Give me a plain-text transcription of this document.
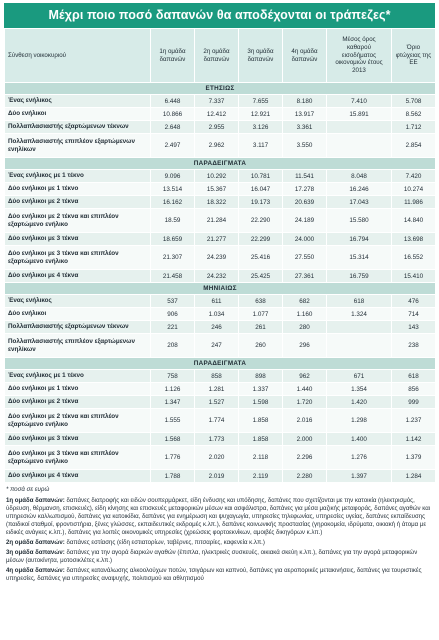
Μέχρι ποιο ποσό δαπανών θα αποδέχονται οι τράπεζες*
Σύνθεση νοικοκυριού	1η ομάδα δαπανών	2η ομάδα δαπανών	3η ομάδα δαπανών	4η ομάδα δαπανών	Μέσος όρος καθαρού εισοδήματος οικονομιών έτους 2013	Όριο φτώχειας της ΕΕ
ΕΤΗΣΙΩΣ						
Ένας ενήλικος	6.448	7.337	7.655	8.180	7.410	5.708
Δύο ενήλικοι	10.866	12.412	12.921	13.917	15.891	8.562
Πολλαπλασιαστής εξαρτώμενων τέκνων	2.648	2.955	3.126	3.361		1.712
Πολλαπλασιαστής επιπλέον εξαρτώμενων ενηλίκων	2.497	2.962	3.117	3.550		2.854
ΠΑΡΑΔΕΙΓΜΑΤΑ						
Ένας ενήλικος με 1 τέκνο	9.096	10.292	10.781	11.541	8.048	7.420
Δύο ενήλικοι με 1 τέκνο	13.514	15.367	16.047	17.278	16.246	10.274
Δύο ενήλικοι με 2 τέκνα	16.162	18.322	19.173	20.639	17.043	11.986
Δύο ενήλικοι με 2 τέκνα και επιπλέον εξαρτώμενο ενήλικο	18.59	21.284	22.290	24.189	15.580	14.840
Δύο ενήλικοι με 3 τέκνα	18.659	21.277	22.299	24.000	16.794	13.698
Δύο ενήλικοι με 3 τέκνα και επιπλέον εξαρτώμενο ενήλικο	21.307	24.239	25.416	27.550	15.314	16.552
Δύο ενήλικοι με 4 τέκνα	21.458	24.232	25.425	27.361	16.759	15.410
ΜΗΝΙΑΙΩΣ						
Ένας ενήλικος	537	611	638	682	618	476
Δύο ενήλικοι	906	1.034	1.077	1.160	1.324	714
Πολλαπλασιαστής εξαρτώμενων τέκνων	221	246	261	280		143
Πολλαπλασιαστής επιπλέον εξαρτώμενων ενηλίκων	208	247	260	296		238
ΠΑΡΑΔΕΙΓΜΑΤΑ						
Ένας ενήλικος με 1 τέκνο	758	858	898	962	671	618
Δύο ενήλικοι με 1 τέκνο	1.126	1.281	1.337	1.440	1.354	856
Δύο ενήλικοι με 2 τέκνα	1.347	1.527	1.598	1.720	1.420	999
Δύο ενήλικοι με 2 τέκνα και επιπλέον εξαρτώμενο ενήλικο	1.555	1.774	1.858	2.016	1.298	1.237
Δύο ενήλικοι με 3 τέκνα	1.568	1.773	1.858	2.000	1.400	1.142
Δύο ενήλικοι με 3 τέκνα και επιπλέον εξαρτώμενο ενήλικο	1.776	2.020	2.118	2.296	1.276	1.379
Δύο ενήλικοι με 4 τέκνα	1.788	2.019	2.119	2.280	1.397	1.284
* ποσά σε ευρώ

1η ομάδα δαπανών: δαπάνες διατροφής και ειδών σουπερμάρκετ, είδη ένδυσης και υπόδησης, δαπάνες που σχετίζονται με την κατοικία (ηλεκτρισμός, ύδρευση, θέρμανση, επισκευές), είδη κίνησης και επισκευές μεταφορικών μέσων και ασφάλιστρα, δαπάνες για μέσα μαζικής μεταφοράς, δαπάνες αγαθών και υπηρεσιών καλλωπισμού, δαπάνες για κατοικίδια, δαπάνες για ενημέρωση και ψυχαγωγία, υπηρεσίες τηλεφωνίας, υπηρεσίες υγείας, δαπάνες εκπαίδευσης (παιδικοί σταθμοί, φροντιστήρια, ξένες γλώσσες, εκπαιδευτικές εκδρομές κ.λπ.), δαπάνες κοινωνικής προστασίας (γηροκομεία, ιδρύματα, οικιακή ή άτομα με ειδικές ανάγκες κ.λπ.), δαπάνες για λοιπές οικονομικές υπηρεσίες (χρεώσεις φορτοεκνίκων, αμοιβές δικηγόρων κ.λπ.)

2η ομάδα δαπανών: δαπάνες εστίασης (είδη εστιατορίων, ταβέρνες, πιτσαρίες, καφενεία κ.λπ.)

3η ομάδα δαπανών: δαπάνες για την αγορά διαρκών αγαθών (έπιπλα, ηλεκτρικές συσκευές, οικιακά σκεύη κ.λπ.), δαπάνες για την αγορά μεταφορικών μέσων (αυτοκίνητα, μοτοσικλέτες κ.λπ.)

4η ομάδα δαπανών: δαπάνες κατανάλωσης αλκοολούχων ποτών, τσιγάρων και καπνού, δαπάνες για αεροπορικές μετακινήσεις, δαπάνες για τουριστικές υπηρεσίες, δαπάνες για υπηρεσίες αναψυχής, πολιτισμού και αθλητισμού
